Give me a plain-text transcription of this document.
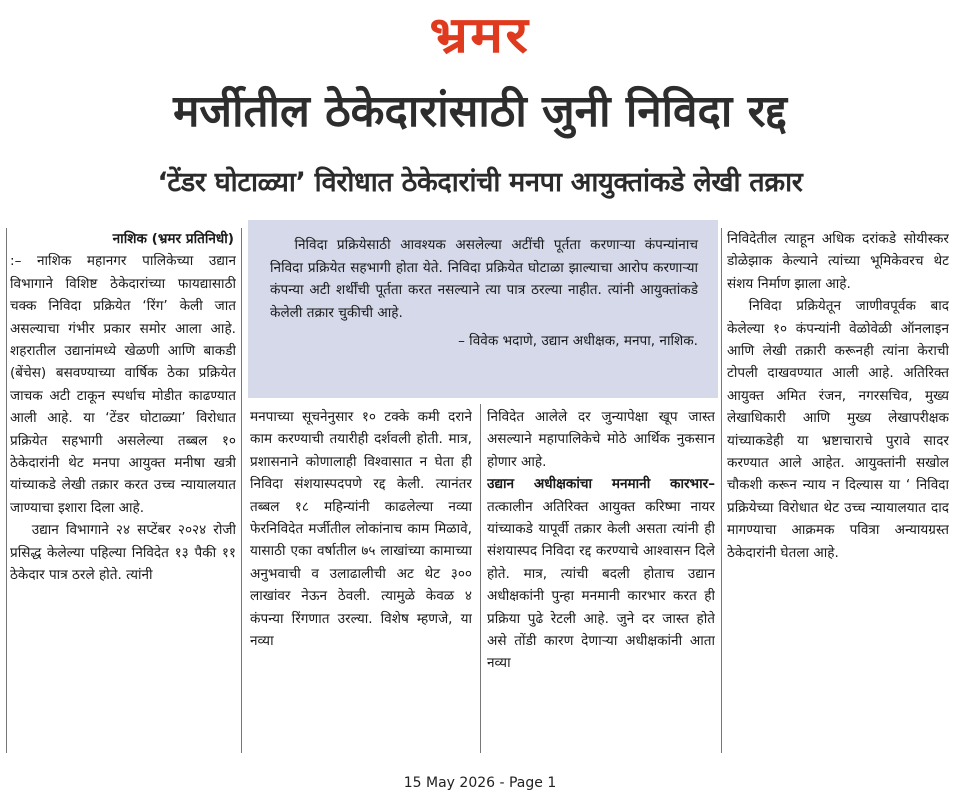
भ्रमर
मर्जीतील ठेकेदारांसाठी जुनी निविदा रद्द
‘टेंडर घोटाळ्या’ विरोधात ठेकेदारांची मनपा आयुक्तांकडे लेखी तक्रार
नाशिक (भ्रमर प्रतिनिधी)

:– नाशिक महानगर पालिकेच्या उद्यान विभागाने विशिष्ट ठेकेदारांच्या फायद्यासाठी चक्क निविदा प्रक्रियेत ‘रिंग’ केली जात असल्याचा गंभीर प्रकार समोर आला आहे. शहरातील उद्यानांमध्ये खेळणी आणि बाकडी (बेंचेस) बसवण्याच्या वार्षिक ठेका प्रक्रियेत जाचक अटी टाकून स्पर्धाच मोडीत काढण्यात आली आहे. या ‘टेंडर घोटाळ्या’ विरोधात प्रक्रियेत सहभागी असलेल्या तब्बल १० ठेकेदारांनी थेट मनपा आयुक्त मनीषा खत्री यांच्याकडे लेखी तक्रार करत उच्च न्यायालयात जाण्याचा इशारा दिला आहे.

उद्यान विभागाने २४ सप्टेंबर २०२४ रोजी प्रसिद्ध केलेल्या पहिल्या निविदेत १३ पैकी ११ ठेकेदार पात्र ठरले होते. त्यांनी

निविदा प्रक्रियेसाठी आवश्यक असलेल्या अटींची पूर्तता करणाऱ्या कंपन्यांनाच निविदा प्रक्रियेत सहभागी होता येते. निविदा प्रक्रियेत घोटाळा झाल्याचा आरोप करणाऱ्या कंपन्या अटी शर्थींची पूर्तता करत नसल्याने त्या पात्र ठरल्या नाहीत. त्यांनी आयुक्तांकडे केलेली तक्रार चुकीची आहे.

– विवेक भदाणे, उद्यान अधीक्षक, मनपा, नाशिक.

मनपाच्या सूचनेनुसार १० टक्के कमी दराने काम करण्याची तयारीही दर्शवली होती. मात्र, प्रशासनाने कोणालाही विश्वासात न घेता ही निविदा संशयास्पदपणे रद्द केली. त्यानंतर तब्बल १८ महिन्यांनी काढलेल्या नव्या फेरनिविदेत मर्जीतील लोकांनाच काम मिळावे, यासाठी एका वर्षातील ७५ लाखांच्या कामाच्या अनुभवाची व उलाढालीची अट थेट ३०० लाखांवर नेऊन ठेवली. त्यामुळे केवळ ४ कंपन्या रिंगणात उरल्या. विशेष म्हणजे, या नव्या

निविदेत आलेले दर जुन्यापेक्षा खूप जास्त असल्याने महापालिकेचे मोठे आर्थिक नुकसान होणार आहे.

उद्यान अधीक्षकांचा मनमानी कारभार– तत्कालीन अतिरिक्त आयुक्त करिष्मा नायर यांच्याकडे यापूर्वी तक्रार केली असता त्यांनी ही संशयास्पद निविदा रद्द करण्याचे आश्वासन दिले होते. मात्र, त्यांची बदली होताच उद्यान अधीक्षकांनी पुन्हा मनमानी कारभार करत ही प्रक्रिया पुढे रेटली आहे. जुने दर जास्त होते असे तोंडी कारण देणाऱ्या अधीक्षकांनी आता नव्या

निविदेतील त्याहून अधिक दरांकडे सोयीस्कर डोळेझाक केल्याने त्यांच्या भूमिकेवरच थेट संशय निर्माण झाला आहे.

निविदा प्रक्रियेतून जाणीवपूर्वक बाद केलेल्या १० कंपन्यांनी वेळोवेळी ऑनलाइन आणि लेखी तक्रारी करूनही त्यांना केराची टोपली दाखवण्यात आली आहे. अतिरिक्त आयुक्त अमित रंजन, नगरसचिव, मुख्य लेखाधिकारी आणि मुख्य लेखापरीक्षक यांच्याकडेही या भ्रष्टाचाराचे पुरावे सादर करण्यात आले आहेत. आयुक्तांनी सखोल चौकशी करून न्याय न दिल्यास या ‘ निविदा प्रक्रियेच्या विरोधात थेट उच्च न्यायालयात दाद मागण्याचा आक्रमक पवित्रा अन्यायग्रस्त ठेकेदारांनी घेतला आहे.

15 May 2026 - Page 1
